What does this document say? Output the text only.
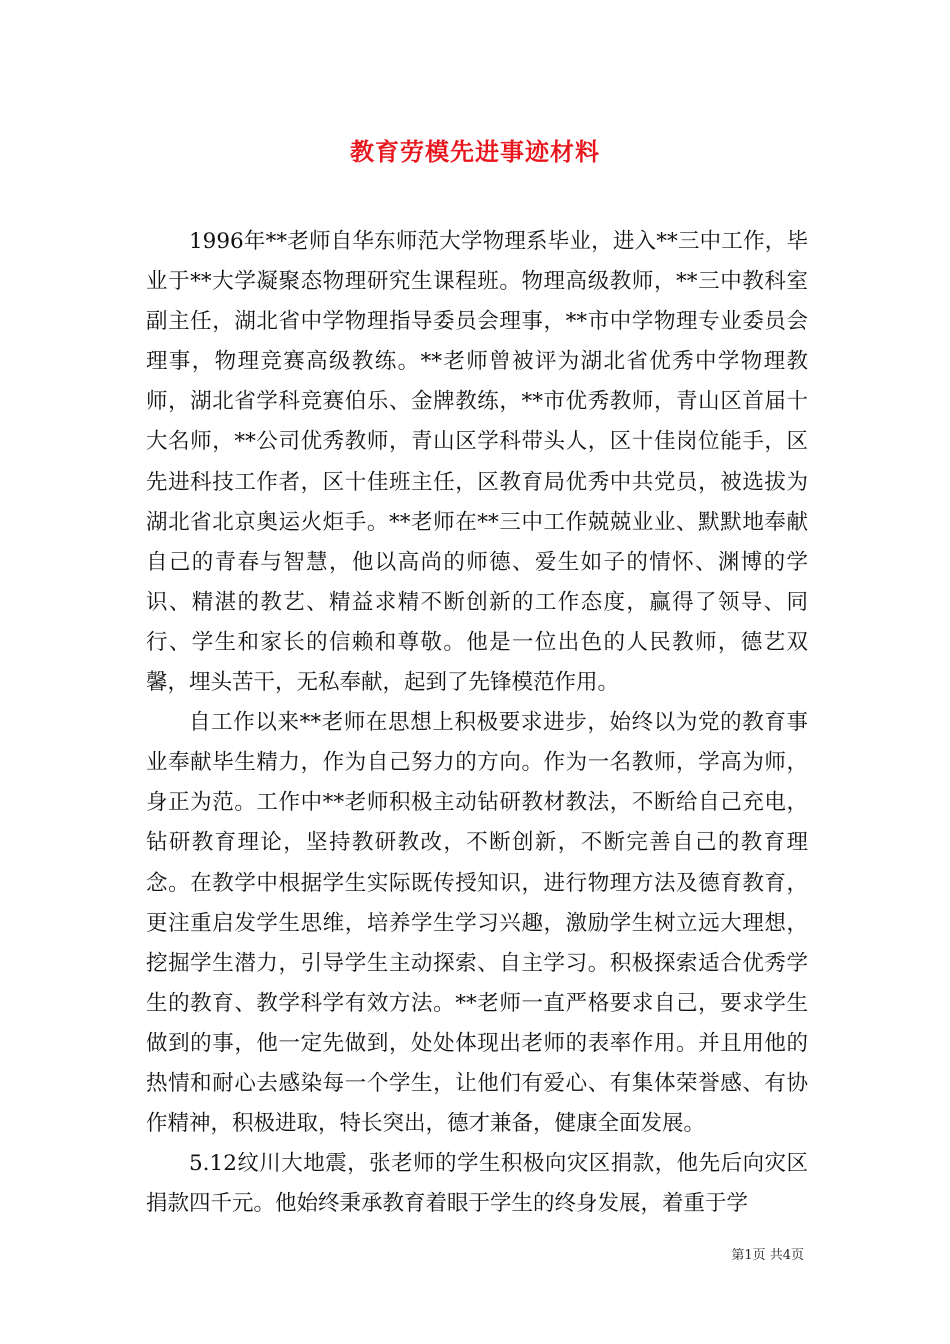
教育劳模先进事迹材料

1996年**老师自华东师范大学物理系毕业，进入**三中工作，毕业于**大学凝聚态物理研究生课程班。物理高级教师，**三中教科室副主任，湖北省中学物理指导委员会理事，**市中学物理专业委员会理事，物理竞赛高级教练。**老师曾被评为湖北省优秀中学物理教师，湖北省学科竞赛伯乐、金牌教练，**市优秀教师，青山区首届十大名师，**公司优秀教师，青山区学科带头人，区十佳岗位能手，区先进科技工作者，区十佳班主任，区教育局优秀中共党员，被选拔为湖北省北京奥运火炬手。**老师在**三中工作兢兢业业、默默地奉献自己的青春与智慧，他以高尚的师德、爱生如子的情怀、渊博的学识、精湛的教艺、精益求精不断创新的工作态度，赢得了领导、同行、学生和家长的信赖和尊敬。他是一位出色的人民教师，德艺双馨，埋头苦干，无私奉献，起到了先锋模范作用。

自工作以来**老师在思想上积极要求进步，始终以为党的教育事业奉献毕生精力，作为自己努力的方向。作为一名教师，学高为师，身正为范。工作中**老师积极主动钻研教材教法，不断给自己充电，钻研教育理论，坚持教研教改，不断创新，不断完善自己的教育理念。在教学中根据学生实际既传授知识，进行物理方法及德育教育，更注重启发学生思维，培养学生学习兴趣，激励学生树立远大理想，挖掘学生潜力，引导学生主动探索、自主学习。积极探索适合优秀学生的教育、教学科学有效方法。**老师一直严格要求自己，要求学生做到的事，他一定先做到，处处体现出老师的表率作用。并且用他的热情和耐心去感染每一个学生，让他们有爱心、有集体荣誉感、有协作精神，积极进取，特长突出，德才兼备，健康全面发展。

5.12纹川大地震，张老师的学生积极向灾区捐款，他先后向灾区捐款四千元。他始终秉承教育着眼于学生的终身发展，着重于学

第1页 共4页
